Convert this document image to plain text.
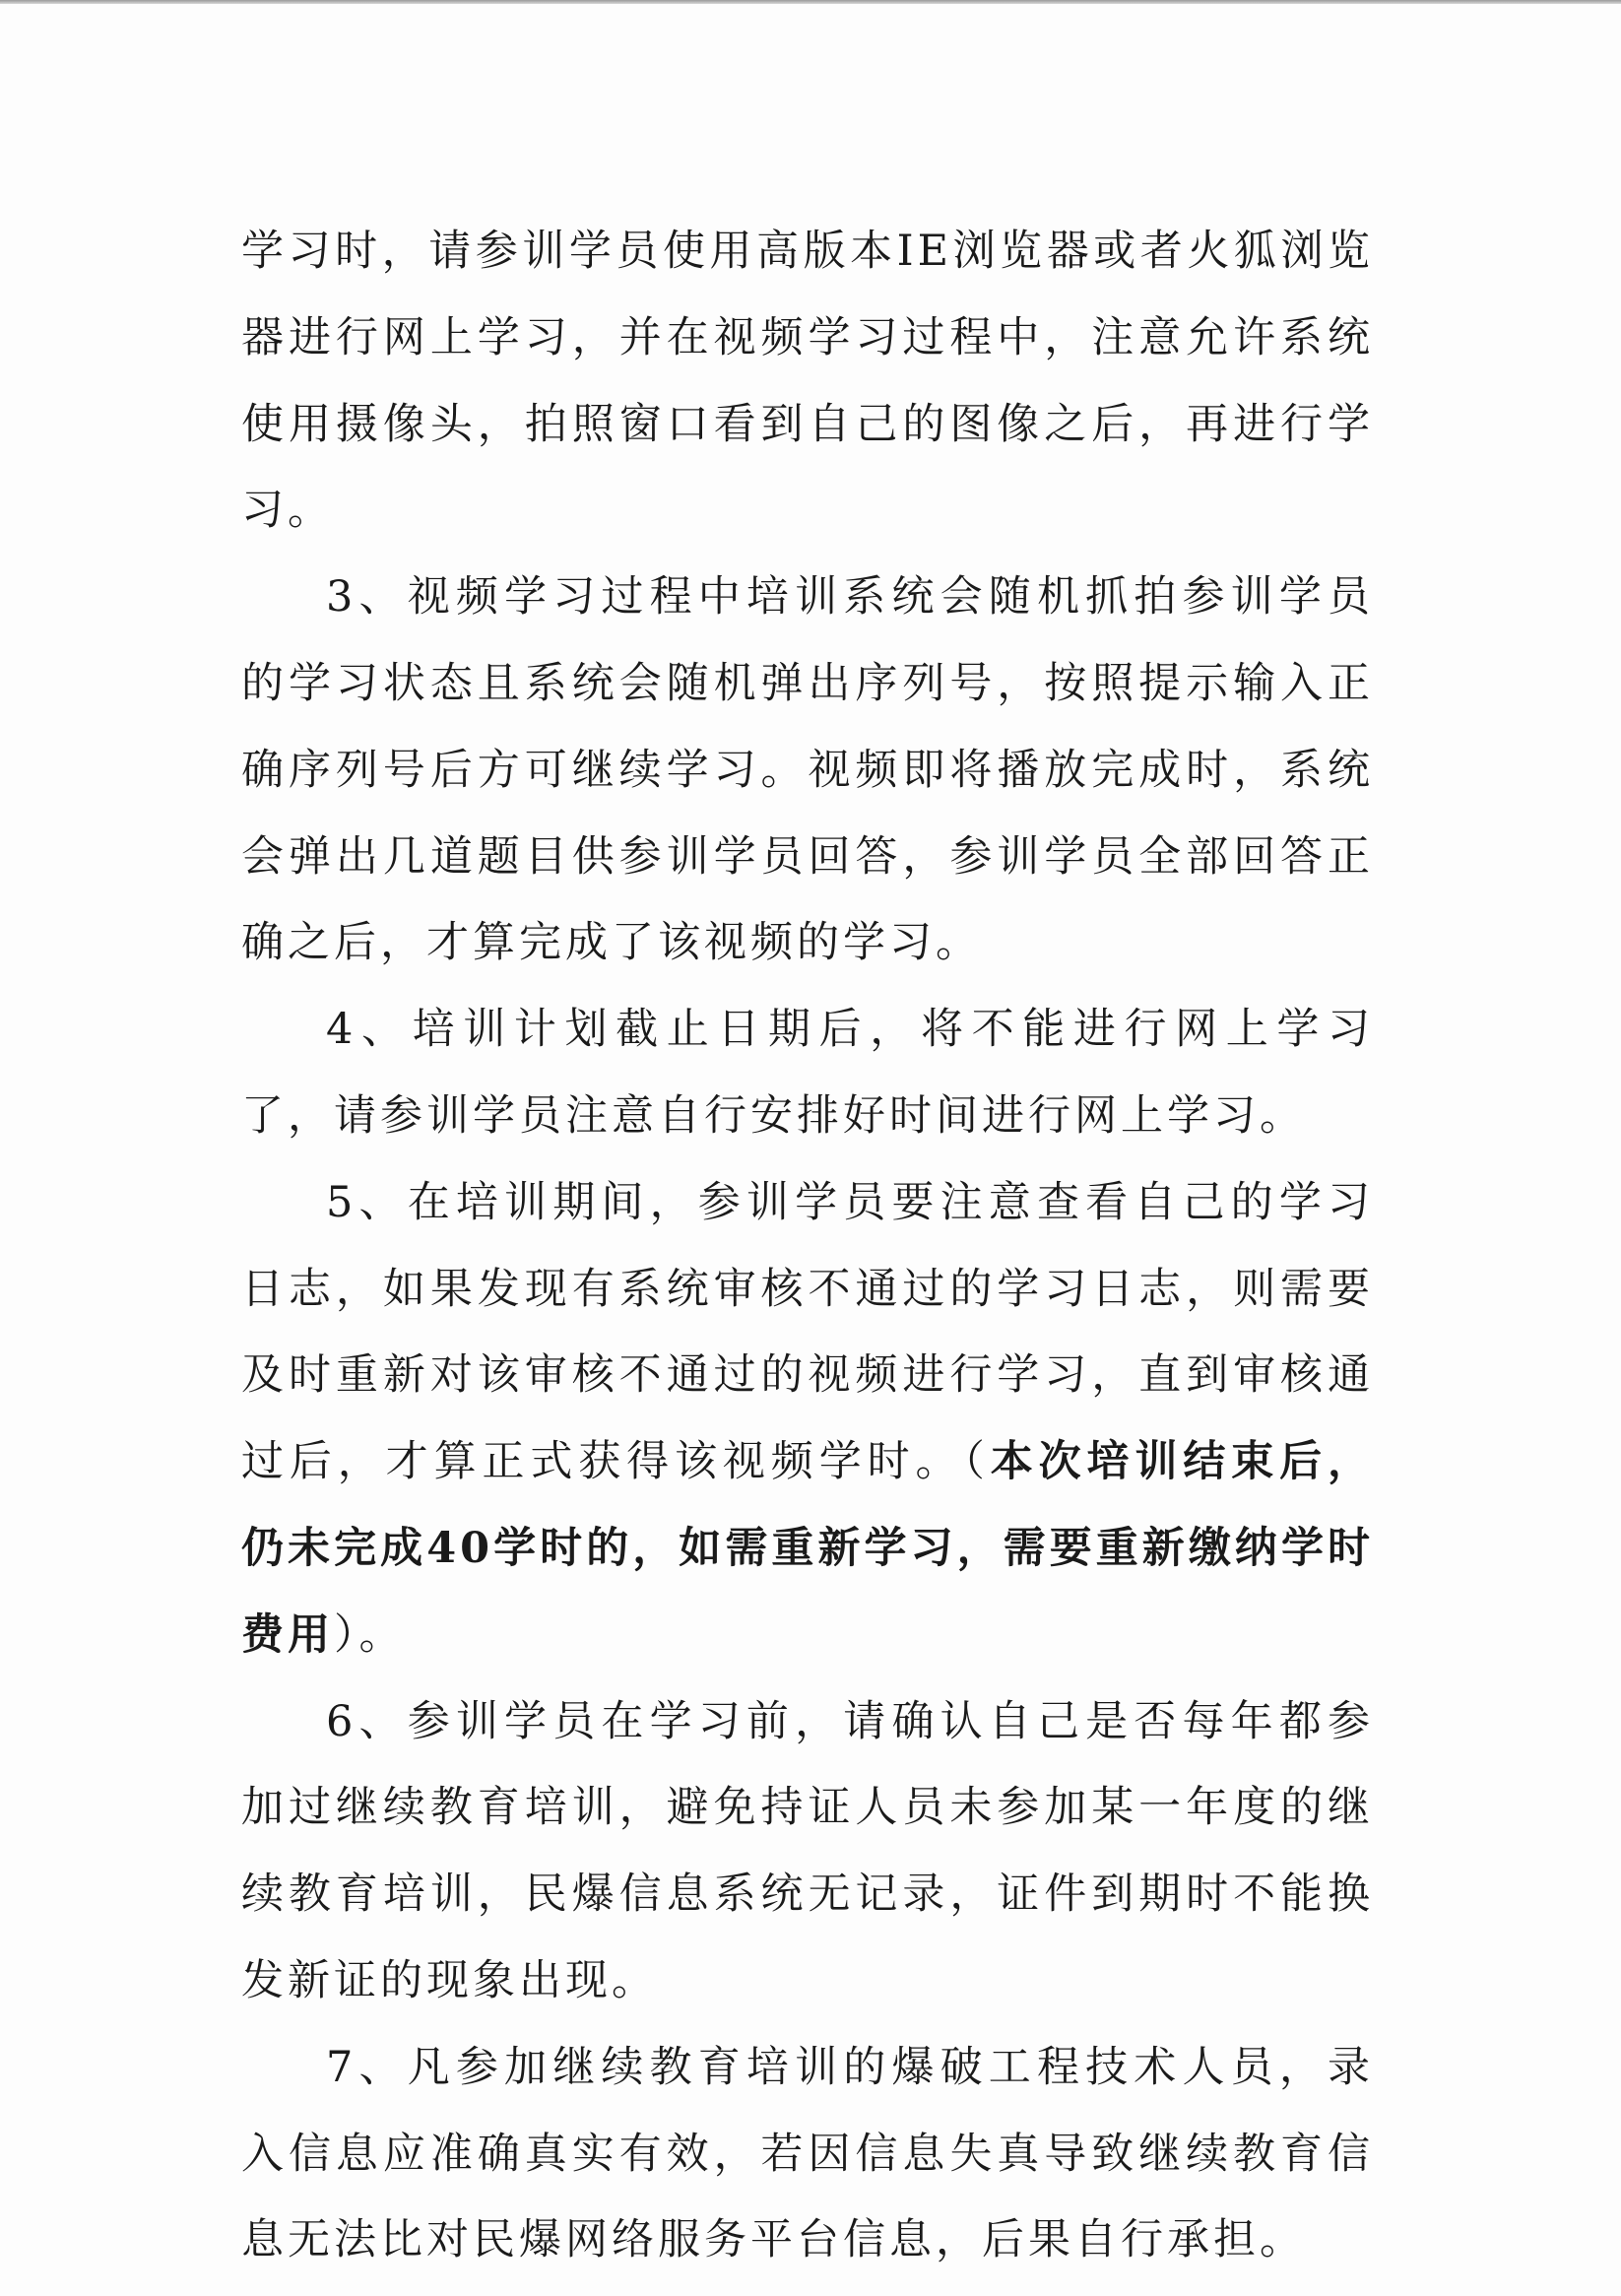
学习时，请参训学员使用高版本IE浏览器或者火狐浏览器进行网上学习，并在视频学习过程中，注意允许系统使用摄像头，拍照窗口看到自己的图像之后，再进行学习。

3、视频学习过程中培训系统会随机抓拍参训学员的学习状态且系统会随机弹出序列号，按照提示输入正确序列号后方可继续学习。视频即将播放完成时，系统会弹出几道题目供参训学员回答，参训学员全部回答正确之后，才算完成了该视频的学习。

4、培训计划截止日期后，将不能进行网上学习了，请参训学员注意自行安排好时间进行网上学习。

5、在培训期间，参训学员要注意查看自己的学习日志，如果发现有系统审核不通过的学习日志，则需要及时重新对该审核不通过的视频进行学习，直到审核通过后，才算正式获得该视频学时。（本次培训结束后，仍未完成40学时的，如需重新学习，需要重新缴纳学时费用）。

6、参训学员在学习前，请确认自己是否每年都参加过继续教育培训，避免持证人员未参加某一年度的继续教育培训，民爆信息系统无记录，证件到期时不能换发新证的现象出现。

7、凡参加继续教育培训的爆破工程技术人员，录入信息应准确真实有效，若因信息失真导致继续教育信息无法比对民爆网络服务平台信息，后果自行承担。
